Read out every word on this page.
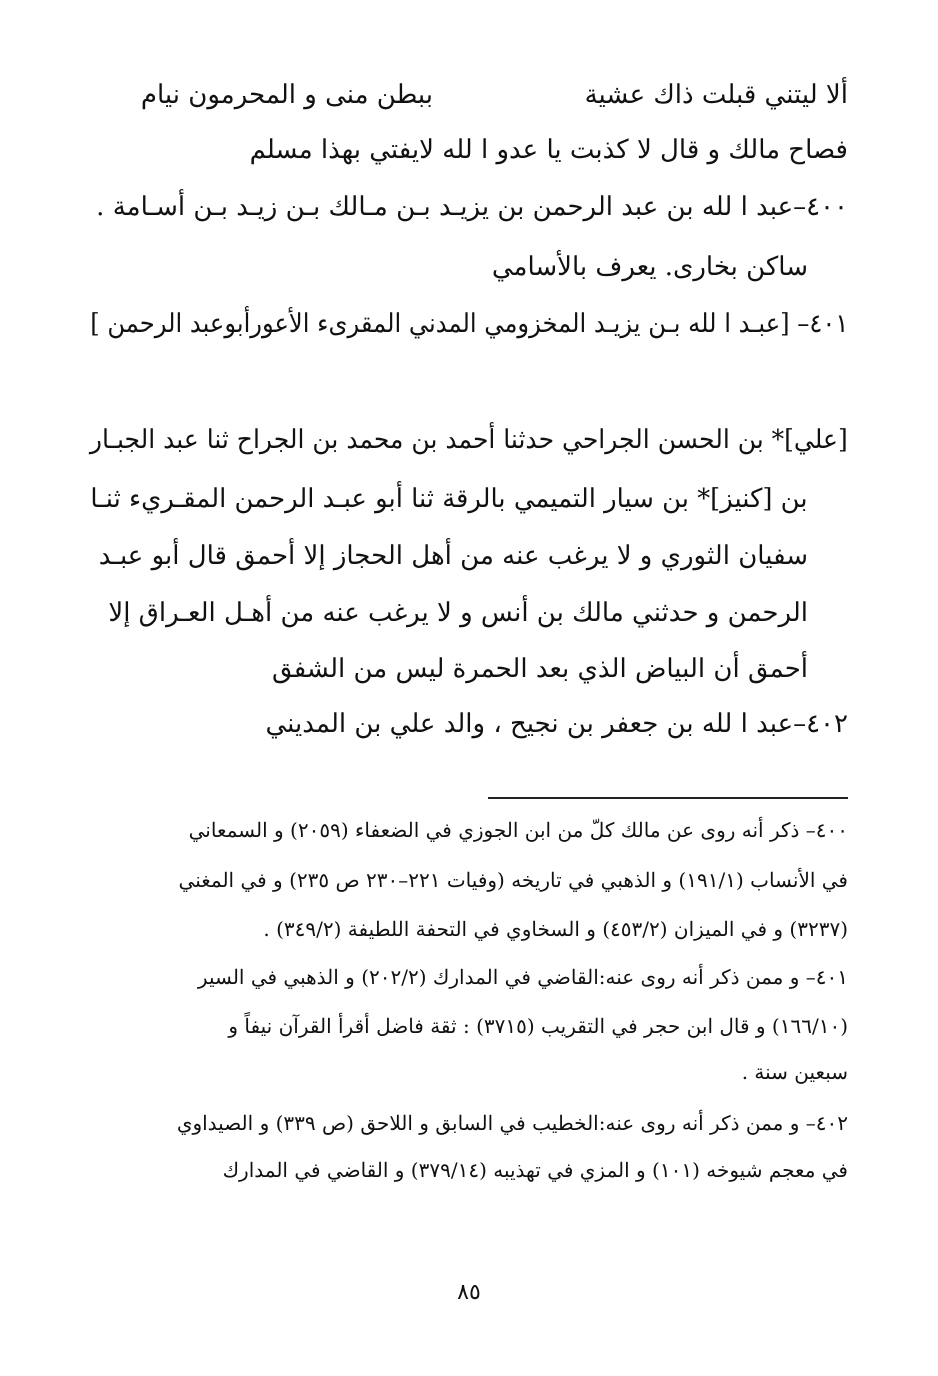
ألا ليتني قبلت ذاك عشية
ببطن منى و المحرمون نيام
فصاح مالك و قال لا كذبت يا عدو ا لله لايفتي بهذا مسلم
٤٠٠–عبد ا لله بن عبد الرحمن بن يزيـد بـن مـالك بـن زيـد بـن أسـامة .
ساكن بخارى. يعرف بالأسامي
٤٠١– [عبـد ا لله بـن يزيـد المخزومي المدني المقرىء الأعورأبوعبد الرحمن ]
[علي]* بن الحسن الجراحي حدثنا أحمد بن محمد بن الجراح ثنا عبد الجبـار
بن [كنيز]* بن سيار التميمي بالرقة ثنا أبو عبـد الرحمن المقـريء ثنـا
سفيان الثوري و لا يرغب عنه من أهل الحجاز إلا أحمق قال أبو عبـد
الرحمن و حدثني مالك بن أنس و لا يرغب عنه من أهـل العـراق إلا
أحمق أن البياض الذي بعد الحمرة ليس من الشفق
٤٠٢–عبد ا لله بن جعفر بن نجيح ، والد علي بن المديني
٤٠٠– ذكر أنه روى عن مالك كلّ من ابن الجوزي في الضعفاء (٢٠٥٩) و السمعاني
في الأنساب (١٩١/١) و الذهبي في تاريخه (وفيات ٢٢١–٢٣٠ ص ٢٣٥) و في المغني
(٣٢٣٧) و في الميزان (٤٥٣/٢) و السخاوي في التحفة اللطيفة (٣٤٩/٢) .
٤٠١– و ممن ذكر أنه روى عنه:القاضي في المدارك (٢٠٢/٢) و الذهبي في السير
(١٦٦/١٠) و قال ابن حجر في التقريب (٣٧١٥) : ثقة فاضل أقرأ القرآن نيفاً و
سبعين سنة .
٤٠٢– و ممن ذكر أنه روى عنه:الخطيب في السابق و اللاحق (ص ٣٣٩) و الصيداوي
في معجم شيوخه (١٠١) و المزي في تهذيبه (٣٧٩/١٤) و القاضي في المدارك
٨٥
